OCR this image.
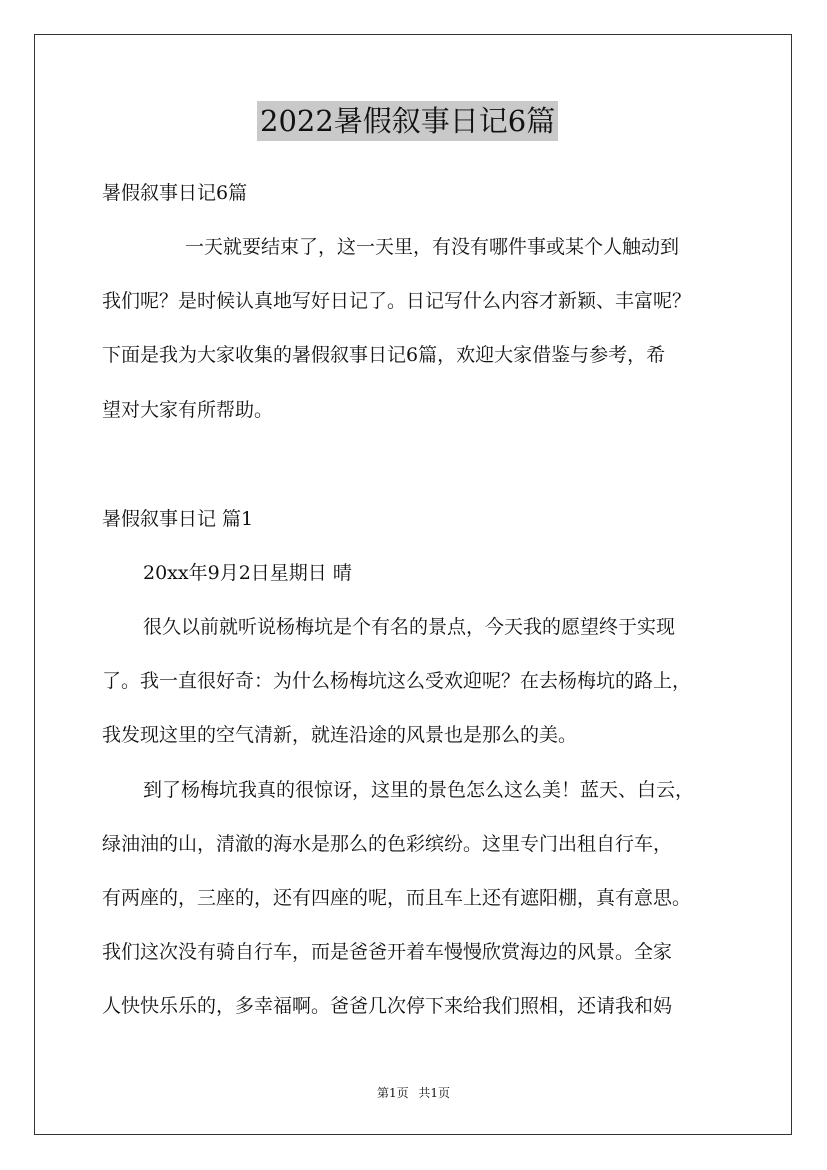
2022暑假叙事日记6篇
暑假叙事日记6篇
一天就要结束了，这一天里，有没有哪件事或某个人触动到
我们呢？是时候认真地写好日记了。日记写什么内容才新颖、丰富呢？
下面是我为大家收集的暑假叙事日记6篇，欢迎大家借鉴与参考，希
望对大家有所帮助。
暑假叙事日记 篇1
20xx年9月2日星期日 晴
很久以前就听说杨梅坑是个有名的景点，今天我的愿望终于实现
了。我一直很好奇：为什么杨梅坑这么受欢迎呢？在去杨梅坑的路上，
我发现这里的空气清新，就连沿途的风景也是那么的美。
到了杨梅坑我真的很惊讶，这里的景色怎么这么美！蓝天、白云，
绿油油的山，清澈的海水是那么的色彩缤纷。这里专门出租自行车，
有两座的，三座的，还有四座的呢，而且车上还有遮阳棚，真有意思。
我们这次没有骑自行车，而是爸爸开着车慢慢欣赏海边的风景。全家
人快快乐乐的，多幸福啊。爸爸几次停下来给我们照相，还请我和妈
第1页 共1页
